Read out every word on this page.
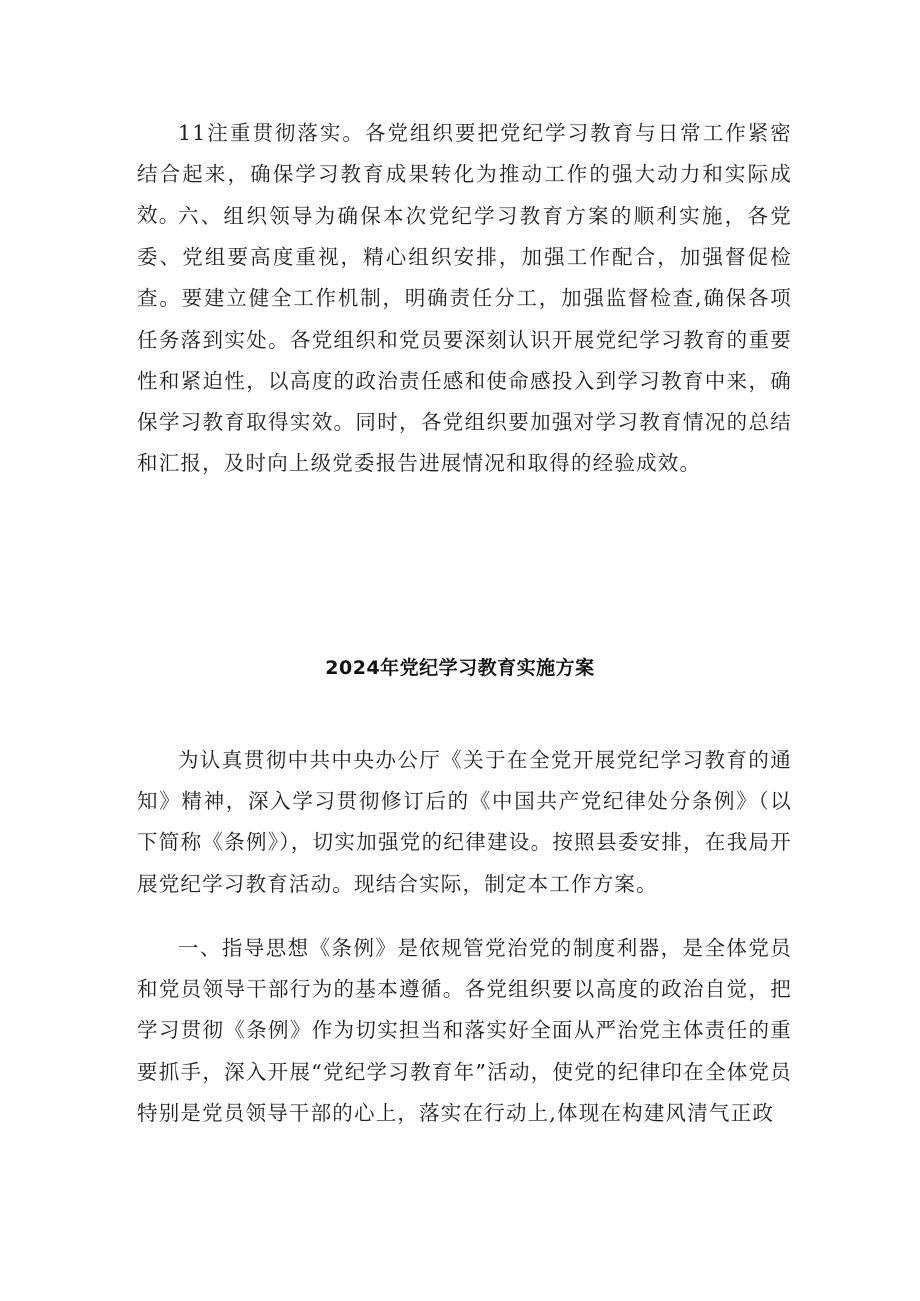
11注重贯彻落实。各党组织要把党纪学习教育与日常工作紧密结合起来，确保学习教育成果转化为推动工作的强大动力和实际成效。

六、组织领导为确保本次党纪学习教育方案的顺利实施，各党委、党组要高度重视，精心组织安排，加强工作配合，加强督促检查。要建立健全工作机制，明确责任分工，加强监督检查,确保各项任务落到实处。各党组织和党员要深刻认识开展党纪学习教育的重要性和紧迫性，以高度的政治责任感和使命感投入到学习教育中来，确保学习教育取得实效。同时，各党组织要加强对学习教育情况的总结和汇报，及时向上级党委报告进展情况和取得的经验成效。

2024年党纪学习教育实施方案

为认真贯彻中共中央办公厅《关于在全党开展党纪学习教育的通知》精神，深入学习贯彻修订后的《中国共产党纪律处分条例》（以下简称《条例》），切实加强党的纪律建设。按照县委安排，在我局开展党纪学习教育活动。现结合实际，制定本工作方案。

一、指导思想《条例》是依规管党治党的制度利器，是全体党员和党员领导干部行为的基本遵循。各党组织要以高度的政治自觉，把学习贯彻《条例》作为切实担当和落实好全面从严治党主体责任的重要抓手，深入开展“党纪学习教育年”活动，使党的纪律印在全体党员特别是党员领导干部的心上，落实在行动上,体现在构建风清气正政
